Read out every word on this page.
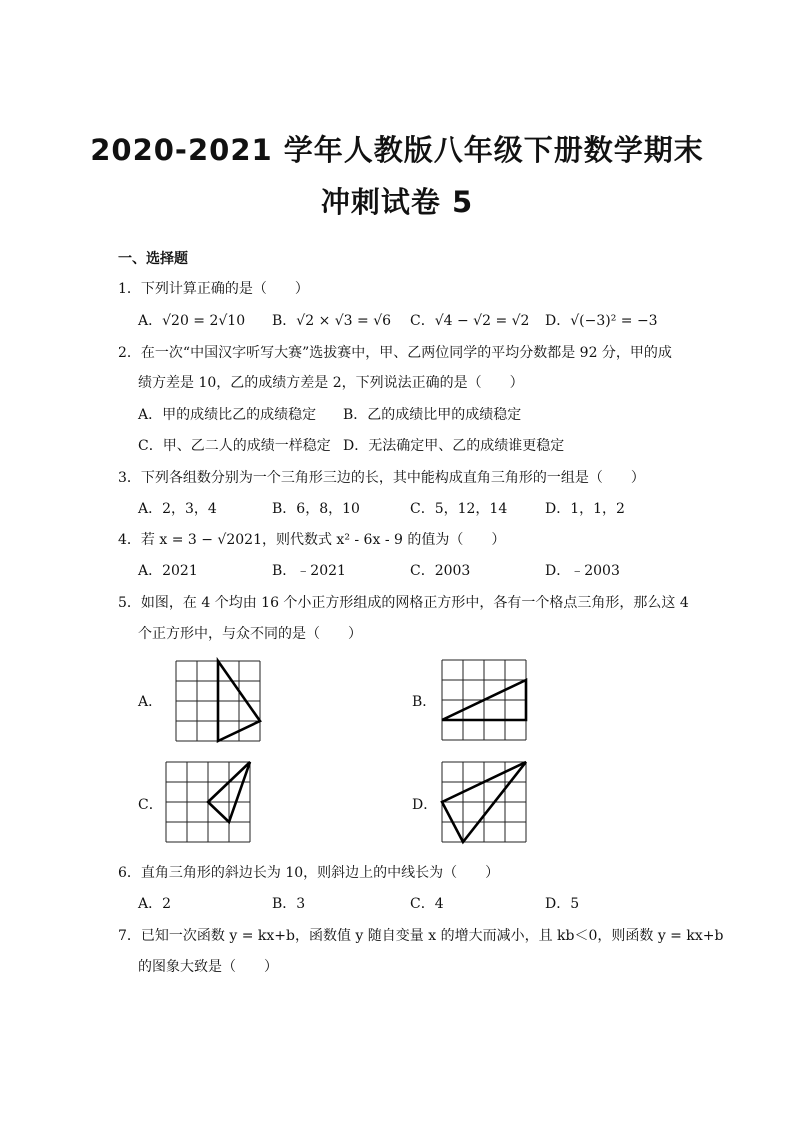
2020-2021 学年人教版八年级下册数学期末
冲刺试卷 5
一、选择题
1．下列计算正确的是（　　）
A．√20 = 2√10 B．√2 × √3 = √6 C．√4 − √2 = √2 D．√(−3)² = −3
2．在一次“中国汉字听写大赛”选拔赛中，甲、乙两位同学的平均分数都是 92 分，甲的成
绩方差是 10，乙的成绩方差是 2，下列说法正确的是（　　）
A．甲的成绩比乙的成绩稳定 B．乙的成绩比甲的成绩稳定
C．甲、乙二人的成绩一样稳定 D．无法确定甲、乙的成绩谁更稳定
3．下列各组数分别为一个三角形三边的长，其中能构成直角三角形的一组是（　　）
A．2，3，4	B．6，8，10	C．5，12，14	D．1，1，2
4．若 x = 3 − √2021，则代数式 x² - 6x - 9 的值为（　　）
A．2021	B．﹣2021	C．2003	D．﹣2003
5．如图，在 4 个均由 16 个小正方形组成的网格正方形中，各有一个格点三角形，那么这 4
个正方形中，与众不同的是（　　）
A．	B．
C．	D．
6．直角三角形的斜边长为 10，则斜边上的中线长为（　　）
A．2	B．3	C．4	D．5
7．已知一次函数 y = kx+b，函数值 y 随自变量 x 的增大而减小，且 kb＜0，则函数 y = kx+b
的图象大致是（　　）
